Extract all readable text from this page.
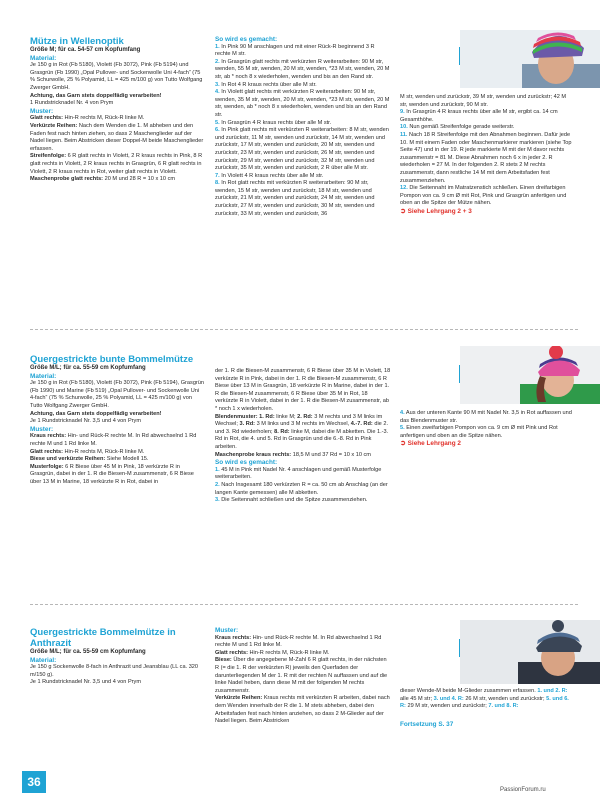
Mütze in Wellenoptik

Größe M; für ca. 54-57 cm Kopfumfang

Material:

Je 150 g in Rot (Fb 5180), Violett (Fb 3072), Pink (Fb 5194) und Grasgrün (Fb 1990) „Opal Pullover- und Sockenwolle Uni 4-fach“ (75 % Schurwolle, 25 % Polyamid, LL = 425 m/100 g) von Tutto Wolfgang Zwerger GmbH.

Achtung, das Garn stets doppelfädig verarbeiten!

1 Rundstricknadel Nr. 4 von Prym

Muster:

Glatt rechts: Hin-R rechts M, Rück-R linke M.

Verkürzte Reihen: Nach dem Wenden die 1. M abheben und den Faden fest nach hinten ziehen, so dass 2 Maschenglieder auf der Nadel liegen. Beim Abstricken dieser Doppel-M beide Maschenglieder erfassen.

Streifenfolge: 6 R glatt rechts in Violett, 2 R kraus rechts in Pink, 8 R glatt rechts in Violett, 2 R kraus rechts in Grasgrün, 6 R glatt rechts in Violett, 2 R kraus rechts in Rot, weiter glatt rechts in Violett.

Maschenprobe glatt rechts: 20 M und 28 R = 10 x 10 cm

So wird es gemacht:

1. In Pink 90 M anschlagen und mit einer Rück-R beginnend 3 R rechte M str.

2. In Grasgrün glatt rechts mit verkürzten R weiterarbeiten: 90 M str, wenden, 55 M str, wenden, 20 M str, wenden, *23 M str, wenden, 20 M str, ab * noch 8 x wiederholen, wenden und bis an den Rand str.

3. In Rot 4 R kraus rechts über alle M str.

4. In Violett glatt rechts mit verkürzten R weiterarbeiten: 90 M str, wenden, 35 M str, wenden, 20 M str, wenden, *23 M str, wenden, 20 M str, wenden, ab * noch 8 x wiederholen, wenden und bis an den Rand str.

5. In Grasgrün 4 R kraus rechts über alle M str.

6. In Pink glatt rechts mit verkürzten R weiterarbeiten: 8 M str, wenden und zurückstr, 11 M str, wenden und zurückstr, 14 M str, wenden und zurückstr, 17 M str, wenden und zurückstr, 20 M str, wenden und zurückstr, 23 M str, wenden und zurückstr, 26 M str, wenden und zurückstr, 29 M str, wenden und zurückstr, 32 M str, wenden und zurückstr, 35 M str, wenden und zurückstr, 2 R über alle M str.

7. In Violett 4 R kraus rechts über alle M str.

8. In Rot glatt rechts mit verkürzten R weiterarbeiten: 90 M str, wenden, 15 M str, wenden und zurückstr, 18 M str, wenden und zurückstr, 21 M str, wenden und zurückstr, 24 M str, wenden und zurückstr, 27 M str, wenden und zurückstr, 30 M str, wenden und zurückstr, 33 M str, wenden und zurückstr, 36

M str, wenden und zurückstr, 39 M str, wenden und zurückstr; 42 M str, wenden und zurückstr, 90 M str.

9. In Grasgrün 4 R kraus rechts über alle M str, ergibt ca. 14 cm Gesamthöhe.

10. Nun gemäß Streifenfolge gerade weiterstr.

11. Nach 18 R Streifenfolge mit den Abnahmen beginnen. Dafür jede 10. M mit einem Faden oder Maschenmarkierer markieren (siehe Top Seite 47) und in der 19. R jede markierte M mit der M davor rechts zusammenstr = 81 M. Diese Abnahmen noch 6 x in jeder 2. R wiederholen = 27 M. In der folgenden 2. R stets 2 M rechts zusammenstr, dann restliche 14 M mit dem Arbeitsfaden fest zusammenziehen.

12. Die Seitennaht im Matratzenstich schließen. Einen dreifarbigen Pompon von ca. 9 cm Ø mit Rot, Pink und Grasgrün anfertigen und oben an die Spitze der Mütze nähen.

➲ Siehe Lehrgang 2 + 3

Quergestrickte bunte Bommelmütze

Größe M/L; für ca. 55-59 cm Kopfumfang

Material:

Je 150 g in Rot (Fb 5180), Violett (Fb 3072), Pink (Fb 5194), Grasgrün (Fb 1990) und Marine (Fb 519) „Opal Pullover- und Sockenwolle Uni 4-fach“ (75 % Schurwolle, 25 % Polyamid, LL = 425 m/100 g) von Tutto Wolfgang Zwerger GmbH.

Achtung, das Garn stets doppelfädig verarbeiten!

Je 1 Rundstricknadel Nr. 3,5 und 4 von Prym

Muster:

Kraus rechts: Hin- und Rück-R rechte M. In Rd abwechselnd 1 Rd rechte M und 1 Rd linke M.

Glatt rechts: Hin-R rechts M, Rück-R linke M.

Biese und verkürzte Reihen: Siehe Modell 15.

Musterfolge: 6 R Biese über 45 M in Pink, 18 verkürzte R in Grasgrün, dabei in der 1. R die Biesen-M zusammenstr, 6 R Biese über 13 M in Marine, 18 verkürzte R in Rot, dabei in

der 1. R die Biesen-M zusammenstr, 6 R Biese über 35 M in Violett, 18 verkürzte R in Pink, dabei in der 1. R die Biesen-M zusammenstr, 6 R Biese über 13 M in Grasgrün, 18 verkürzte R in Marine, dabei in der 1. R die Biesen-M zusammenstr, 6 R Biese über 35 M in Rot, 18 verkürzte R in Violett, dabei in der 1. R die Biesen-M zusammenstr, ab * noch 1 x wiederholen.

Blendenmuster: 1. Rd: linke M; 2. Rd: 3 M rechts und 3 M links im Wechsel; 3. Rd: 3 M links und 3 M rechts im Wechsel, 4.-7. Rd: die 2. und 3. Rd wiederholen; 8. Rd: linke M, dabei die M abketten. Die 1.-3. Rd in Rot, die 4. und 5. Rd in Grasgrün und die 6.-8. Rd in Pink arbeiten.

Maschenprobe kraus rechts: 18,5 M und 37 Rd = 10 x 10 cm

So wird es gemacht:

1. 45 M in Pink mit Nadel Nr. 4 anschlagen und gemäß Musterfolge weiterarbeiten.

2. Nach Insgesamt 180 verkürzten R = ca. 50 cm ab Anschlag (an der langen Kante gemessen) alle M abketten.

3. Die Seitennaht schließen und die Spitze zusammenziehen.

4. Aus der unteren Kante 90 M mit Nadel Nr. 3,5 in Rot auffassen und das Blendenmuster str.

5. Einen zweifarbigen Pompon von ca. 9 cm Ø mit Pink und Rot anfertigen und oben an die Spitze nähen.

➲ Siehe Lehrgang 2

Quergestrickte Bommelmütze in Anthrazit

Größe M/L; für ca. 55-59 cm Kopfumfang

Material:

Je 150 g Sockenwolle 8-fach in Anthrazit und Jeansblau (LL ca. 320 m/150 g).

Je 1 Rundstricknadel Nr. 3,5 und 4 von Prym

Muster:

Kraus rechts: Hin- und Rück-R rechte M. In Rd abwechselnd 1 Rd rechte M und 1 Rd linke M.

Glatt rechts: Hin-R rechts M, Rück-R linke M.

Biese: Über die angegebene M-Zahl 6 R glatt rechts, in der nächsten R (= die 1. R der verkürzten R) jeweils den Querfaden der darunterliegenden M der 1. R mit der rechten N auffassen und auf die linke Nadel heben, dann diese M mit der folgenden M rechts zusammenstr.

Verkürzte Reihen: Kraus rechts mit verkürzten R arbeiten, dabei nach dem Wenden innerhalb der R die 1. M stets abheben, dabei den Arbeitsfaden fest nach hinten anziehen, so dass 2 M-Glieder auf der Nadel liegen. Beim Abstricken

dieser Wende-M beide M-Glieder zusammen erfassen. 1. und 2. R: alle 45 M str; 3. und 4. R: 26 M str, wenden und zurückstr; 5. und 6. R: 29 M str, wenden und zurückstr; 7. und 8. R:

Fortsetzung S. 37

36
PassionForum.ru
